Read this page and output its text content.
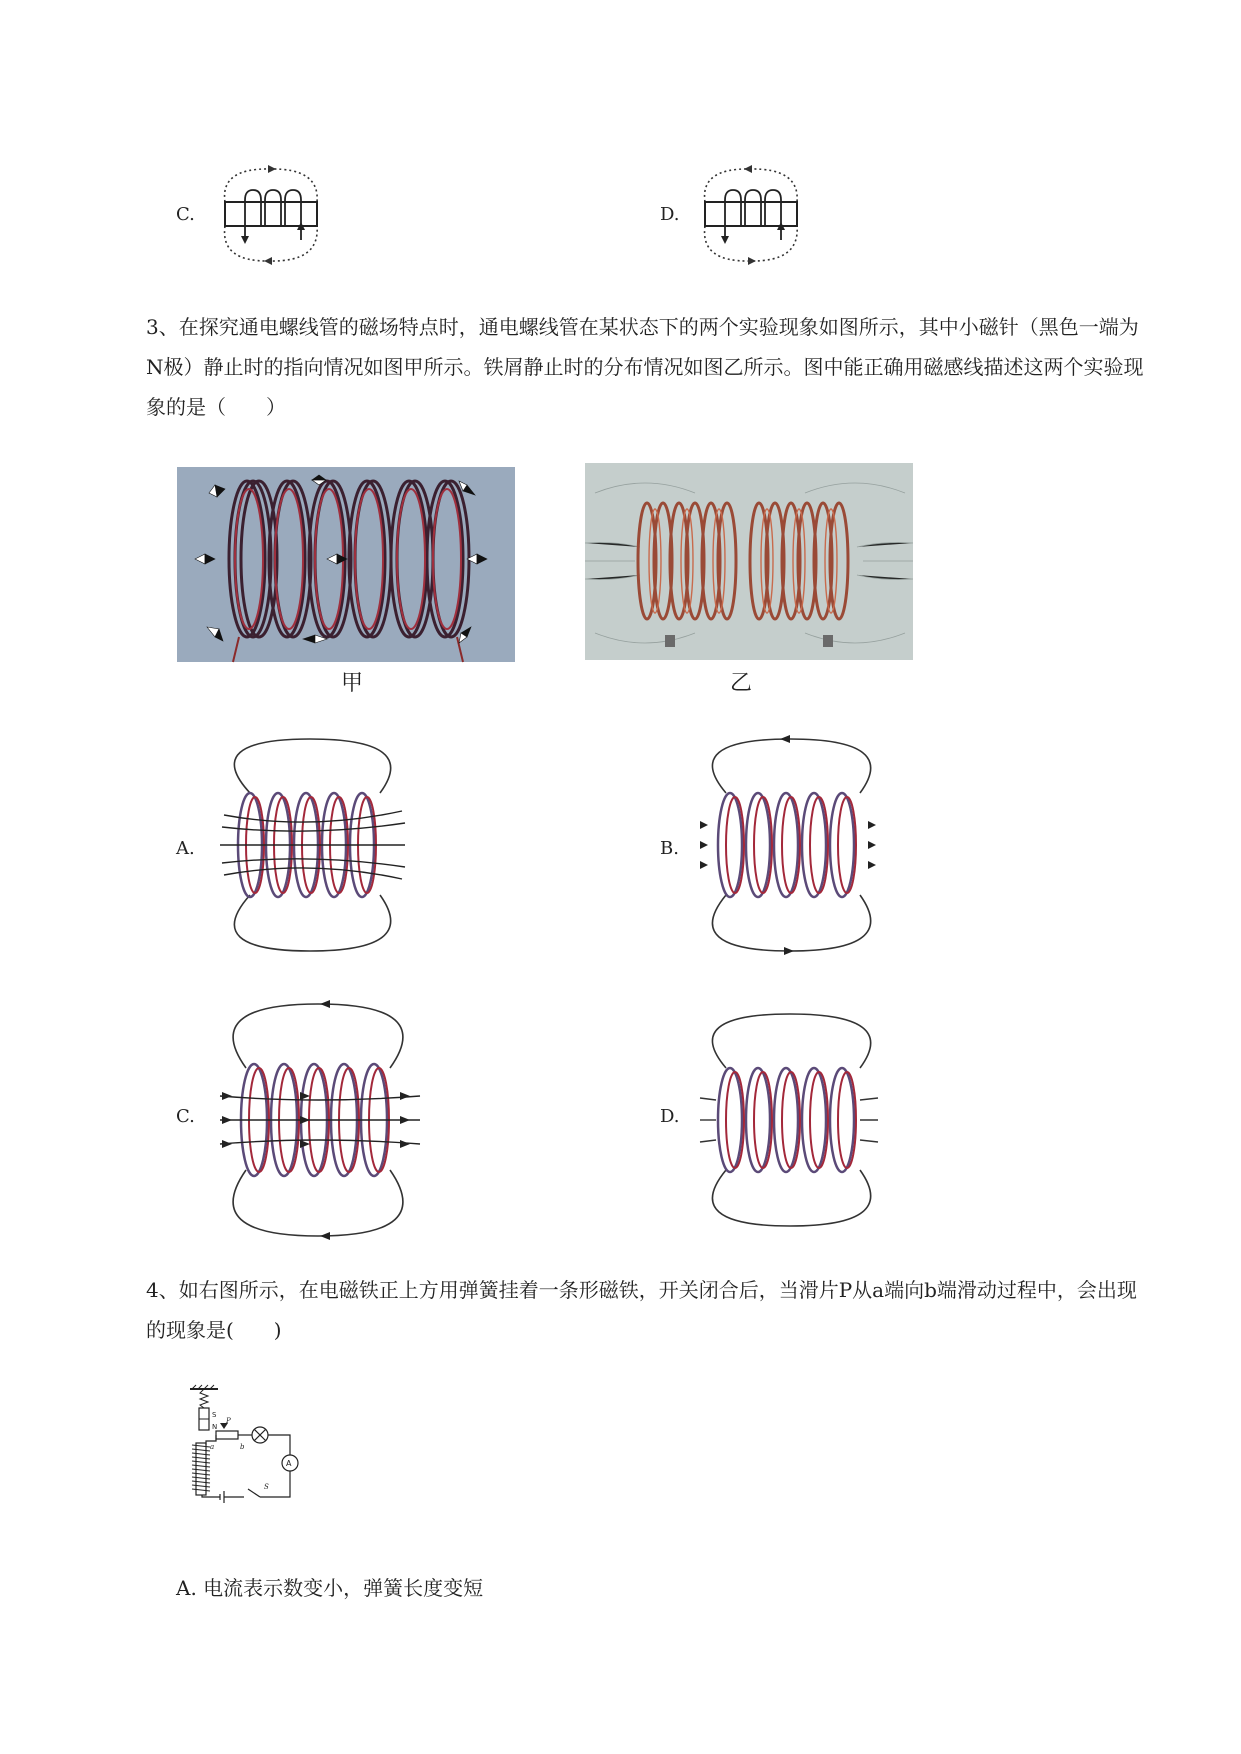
C.	D.
3、在探究通电螺线管的磁场特点时，通电螺线管在某状态下的两个实验现象如图所示，其中小磁针（黑色一端为N极）静止时的指向情况如图甲所示。铁屑静止时的分布情况如图乙所示。图中能正确用磁感线描述这两个实验现象的是（　　）
甲	乙
A.	B.
C.	D.
4、如右图所示，在电磁铁正上方用弹簧挂着一条形磁铁，开关闭合后，当滑片P从a端向b端滑动过程中，会出现的现象是(　　)
S
N
P
a	b
S
A
A. 电流表示数变小，弹簧长度变短
